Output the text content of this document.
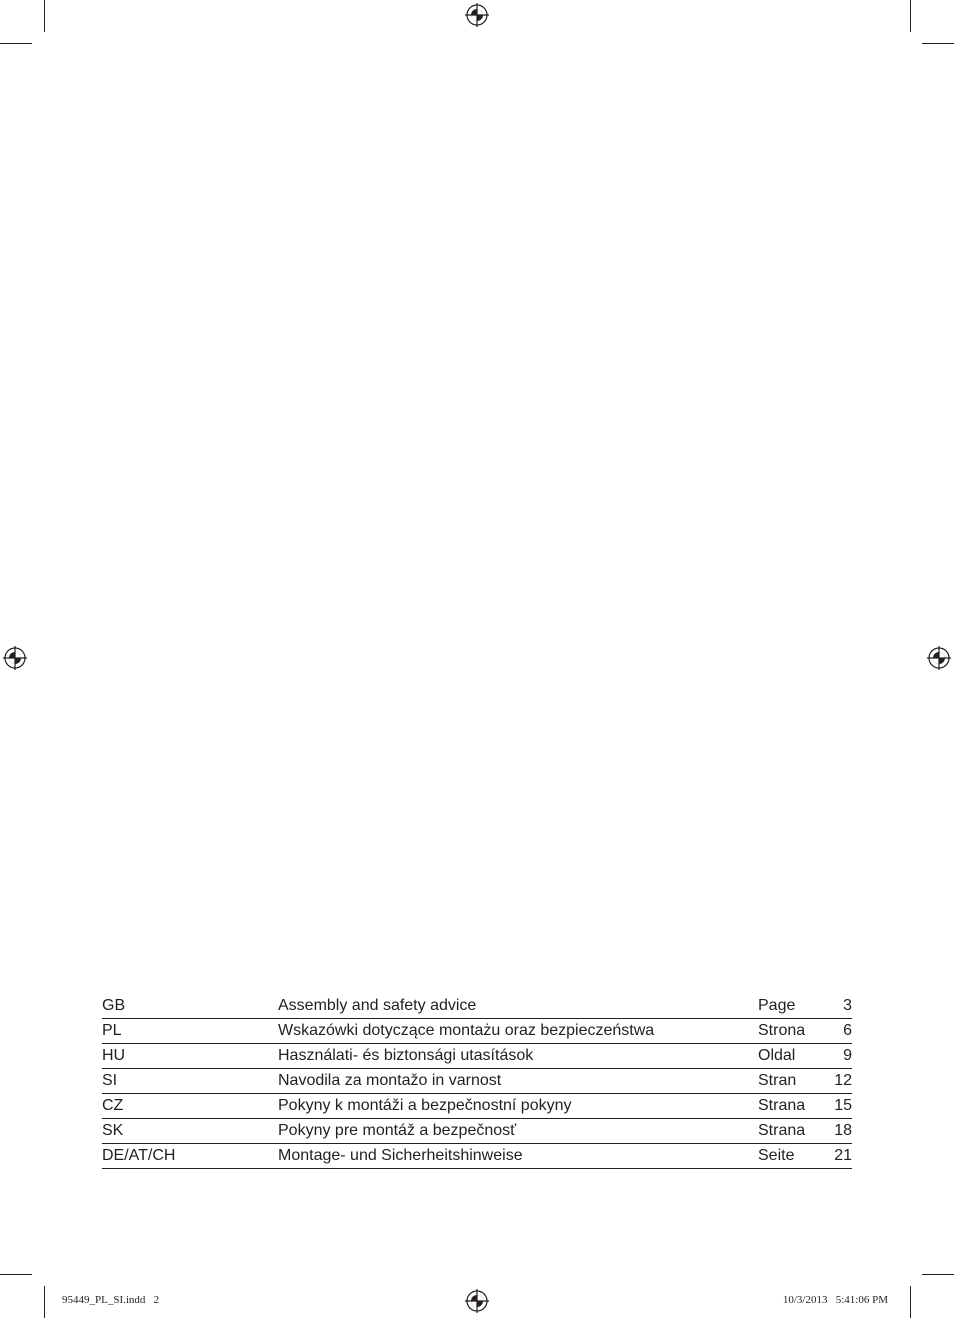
GB	Assembly and safety advice	Page	3
PL	Wskazówki dotyczące montażu oraz bezpieczeństwa	Strona	6
HU	Használati- és biztonsági utasítások	Oldal	9
SI	Navodila za montažo in varnost	Stran	12
CZ	Pokyny k montáži a bezpečnostní pokyny	Strana	15
SK	Pokyny pre montáž a bezpečnosť	Strana	18
DE/AT/CH	Montage- und Sicherheitshinweise	Seite	21
95449_PL_SI.indd   2	10/3/2013   5:41:06 PM
